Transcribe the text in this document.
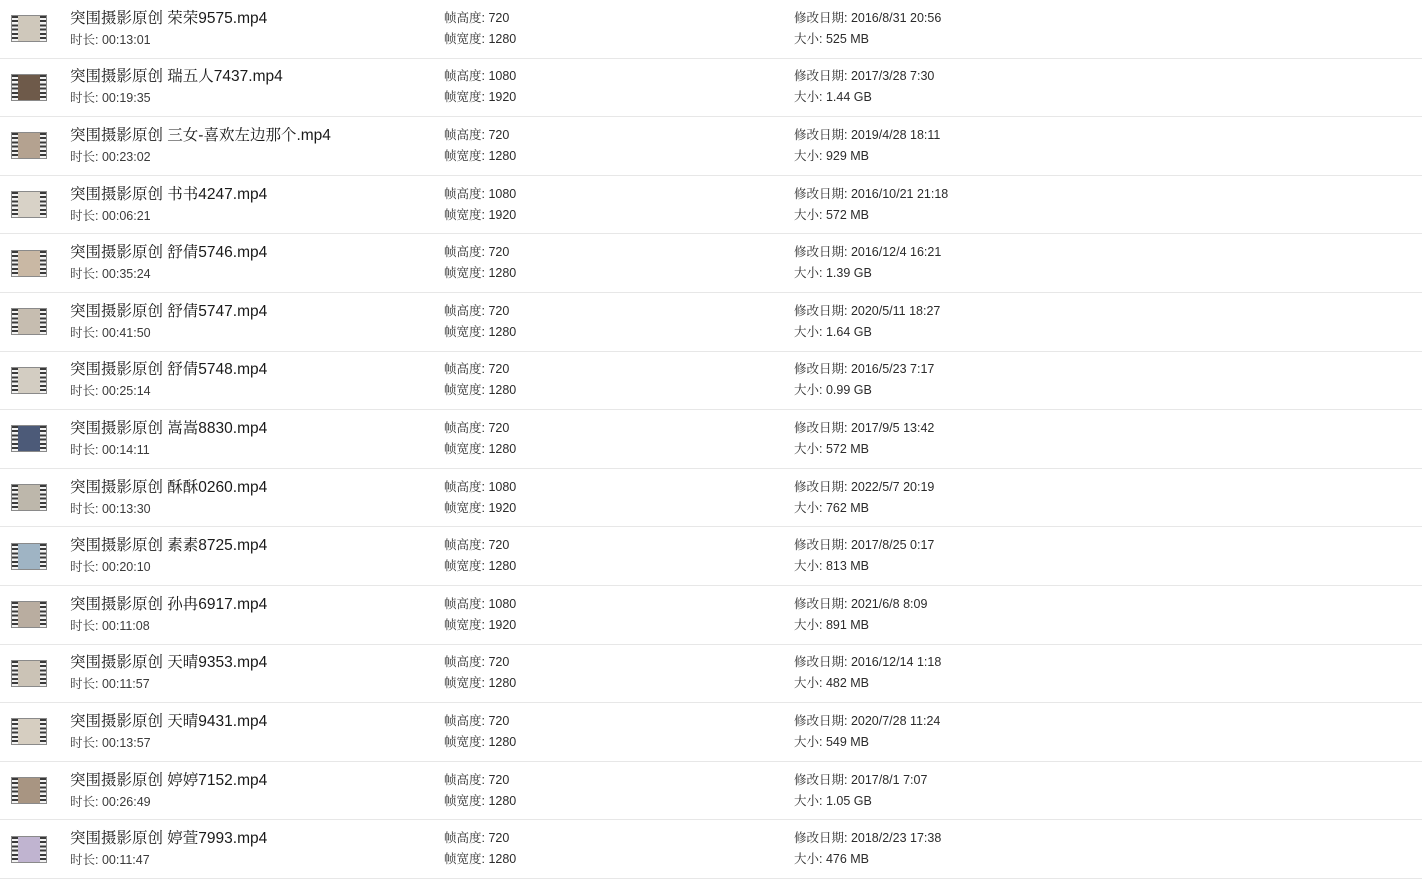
突围摄影原创 荣荣9575.mp4
时长: 00:13:01
帧高度: 720
帧宽度: 1280
修改日期: 2016/8/31 20:56
大小: 525 MB
突围摄影原创 瑞五人7437.mp4
时长: 00:19:35
帧高度: 1080
帧宽度: 1920
修改日期: 2017/3/28 7:30
大小: 1.44 GB
突围摄影原创 三女-喜欢左边那个.mp4
时长: 00:23:02
帧高度: 720
帧宽度: 1280
修改日期: 2019/4/28 18:11
大小: 929 MB
突围摄影原创 书书4247.mp4
时长: 00:06:21
帧高度: 1080
帧宽度: 1920
修改日期: 2016/10/21 21:18
大小: 572 MB
突围摄影原创 舒倩5746.mp4
时长: 00:35:24
帧高度: 720
帧宽度: 1280
修改日期: 2016/12/4 16:21
大小: 1.39 GB
突围摄影原创 舒倩5747.mp4
时长: 00:41:50
帧高度: 720
帧宽度: 1280
修改日期: 2020/5/11 18:27
大小: 1.64 GB
突围摄影原创 舒倩5748.mp4
时长: 00:25:14
帧高度: 720
帧宽度: 1280
修改日期: 2016/5/23 7:17
大小: 0.99 GB
突围摄影原创 嵩嵩8830.mp4
时长: 00:14:11
帧高度: 720
帧宽度: 1280
修改日期: 2017/9/5 13:42
大小: 572 MB
突围摄影原创 酥酥0260.mp4
时长: 00:13:30
帧高度: 1080
帧宽度: 1920
修改日期: 2022/5/7 20:19
大小: 762 MB
突围摄影原创 素素8725.mp4
时长: 00:20:10
帧高度: 720
帧宽度: 1280
修改日期: 2017/8/25 0:17
大小: 813 MB
突围摄影原创 孙冉6917.mp4
时长: 00:11:08
帧高度: 1080
帧宽度: 1920
修改日期: 2021/6/8 8:09
大小: 891 MB
突围摄影原创 天晴9353.mp4
时长: 00:11:57
帧高度: 720
帧宽度: 1280
修改日期: 2016/12/14 1:18
大小: 482 MB
突围摄影原创 天晴9431.mp4
时长: 00:13:57
帧高度: 720
帧宽度: 1280
修改日期: 2020/7/28 11:24
大小: 549 MB
突围摄影原创 婷婷7152.mp4
时长: 00:26:49
帧高度: 720
帧宽度: 1280
修改日期: 2017/8/1 7:07
大小: 1.05 GB
突围摄影原创 婷萱7993.mp4
时长: 00:11:47
帧高度: 720
帧宽度: 1280
修改日期: 2018/2/23 17:38
大小: 476 MB
